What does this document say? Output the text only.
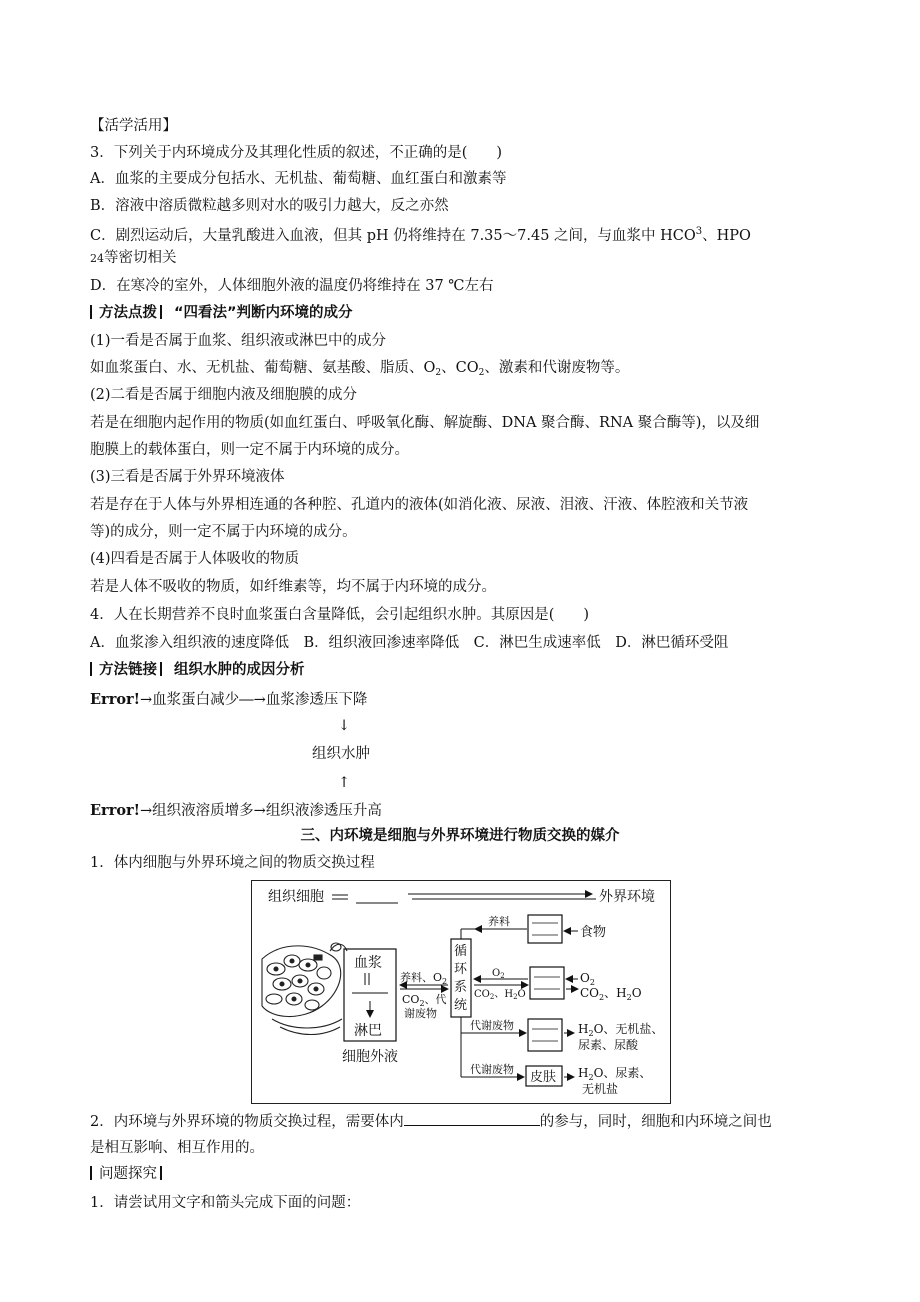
【活学活用】
3．下列关于内环境成分及其理化性质的叙述，不正确的是(　　)
A．血浆的主要成分包括水、无机盐、葡萄糖、血红蛋白和激素等
B．溶液中溶质微粒越多则对水的吸引力越大，反之亦然
C．剧烈运动后，大量乳酸进入血液，但其 pH 仍将维持在 7.35～7.45 之间，与血浆中 HCO$^3$、HPO
24等密切相关
D．在寒冷的室外，人体细胞外液的温度仍将维持在 37 ℃左右
方法点拨 “四看法”判断内环境的成分
(1)一看是否属于血浆、组织液或淋巴中的成分
如血浆蛋白、水、无机盐、葡萄糖、氨基酸、脂质、$O_2$、$CO_2$、激素和代谢废物等。
(2)二看是否属于细胞内液及细胞膜的成分
若是在细胞内起作用的物质(如血红蛋白、呼吸氧化酶、解旋酶、DNA 聚合酶、RNA 聚合酶等)，以及细
胞膜上的载体蛋白，则一定不属于内环境的成分。
(3)三看是否属于外界环境液体
若是存在于人体与外界相连通的各种腔、孔道内的液体(如消化液、尿液、泪液、汗液、体腔液和关节液
等)的成分，则一定不属于内环境的成分。
(4)四看是否属于人体吸收的物质
若是人体不吸收的物质，如纤维素等，均不属于内环境的成分。
4．人在长期营养不良时血浆蛋白含量降低，会引起组织水肿。其原因是(　　)
A．血浆渗入组织液的速度降低　B．组织液回渗速率降低　C．淋巴生成速率低　D．淋巴循环受阻
方法链接 组织水肿的成因分析
Error!→血浆蛋白减少―→血浆渗透压下降
↓
组织水肿
↑
Error!→组织液溶质增多→组织液渗透压升高
三、内环境是细胞与外界环境进行物质交换的媒介
1．体内细胞与外界环境之间的物质交换过程
组织细胞	外界环境
血浆
淋巴
细胞外液
养料、$O_2$
$CO_2$、代
谢废物
循
环
系
统
养料
食物
$O_2$
$CO_2$、$H_2O$
$O_2$
$CO_2$、$H_2O$
代谢废物	$H_2O$、无机盐、
尿素、尿酸
代谢废物
皮肤 $H_2O$、尿素、
无机盐
2．内环境与外界环境的物质交换过程，需要体内	的参与，同时，细胞和内环境之间也
是相互影响、相互作用的。
问题探究
1．请尝试用文字和箭头完成下面的问题：
